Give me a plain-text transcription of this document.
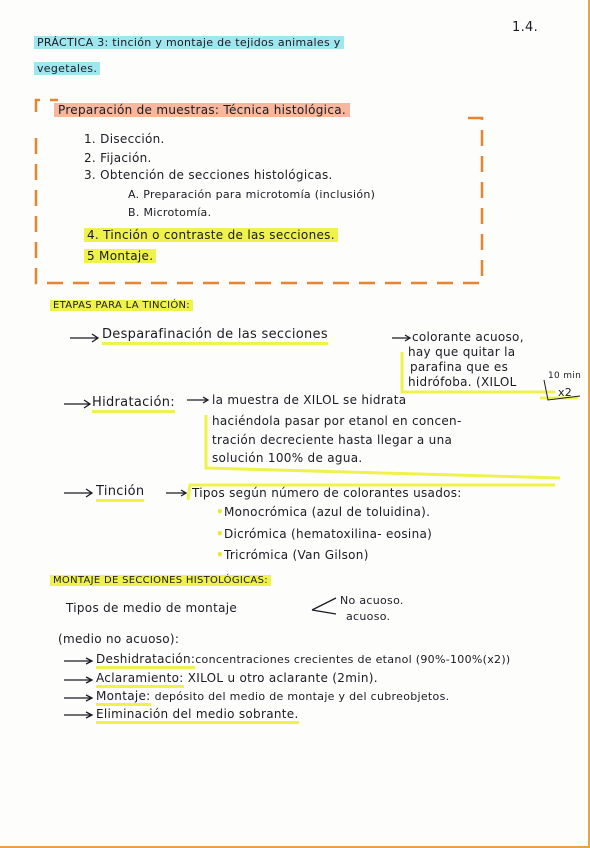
1.4.
PRÁCTICA 3: tinción y montaje de tejidos animales y
vegetales.
Preparación de muestras: Técnica histológica.
1. Disección.
2. Fijación.
3. Obtención de secciones histológicas.
A. Preparación para microtomía (inclusión)
B. Microtomía.
4. Tinción o contraste de las secciones.
5 Montaje.
ETAPAS PARA LA TINCIÓN:
Desparafinación de las secciones	colorante acuoso,
hay que quitar la
parafina que es
hidrófoba. (XILOL	10 min
x2
Hidratación:	la muestra de XILOL se hidrata
haciéndola pasar por etanol en concen-
tración decreciente hasta llegar a una
solución 100% de agua.
Tinción	Tipos según número de colorantes usados:
•Monocrómica (azul de toluidina).
•Dicrómica (hematoxilina- eosina)
•Tricrómica (Van Gilson)
MONTAJE DE SECCIONES HISTOLÓGICAS:
Tipos de medio de montaje
No acuoso.
acuoso.
(medio no acuoso):
Deshidratación:concentraciones crecientes de etanol (90%-100%(x2))
Aclaramiento: XILOL u otro aclarante (2min).
Montaje: depósito del medio de montaje y del cubreobjetos.
Eliminación del medio sobrante.
